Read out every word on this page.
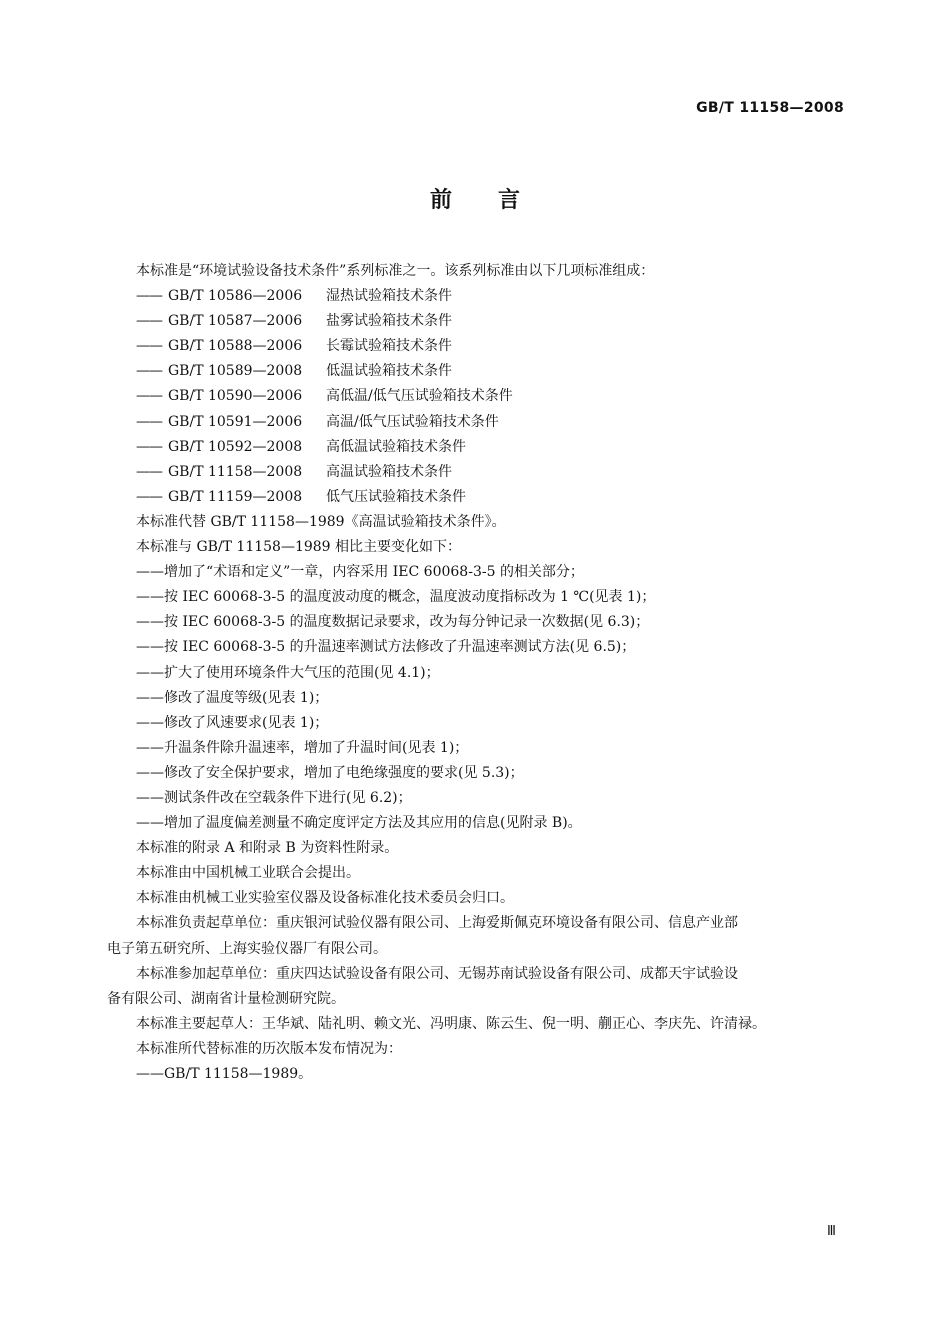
GB/T 11158—2008
前言
本标准是“环境试验设备技术条件”系列标准之一。该系列标准由以下几项标准组成：
—— GB/T 10586—2006 湿热试验箱技术条件
—— GB/T 10587—2006 盐雾试验箱技术条件
—— GB/T 10588—2006 长霉试验箱技术条件
—— GB/T 10589—2008 低温试验箱技术条件
—— GB/T 10590—2006 高低温/低气压试验箱技术条件
—— GB/T 10591—2006 高温/低气压试验箱技术条件
—— GB/T 10592—2008 高低温试验箱技术条件
—— GB/T 11158—2008 高温试验箱技术条件
—— GB/T 11159—2008 低气压试验箱技术条件
本标准代替 GB/T 11158—1989《高温试验箱技术条件》。
本标准与 GB/T 11158—1989 相比主要变化如下：
——增加了“术语和定义”一章，内容采用 IEC 60068-3-5 的相关部分；
——按 IEC 60068-3-5 的温度波动度的概念，温度波动度指标改为 1 ℃(见表 1)；
——按 IEC 60068-3-5 的温度数据记录要求，改为每分钟记录一次数据(见 6.3)；
——按 IEC 60068-3-5 的升温速率测试方法修改了升温速率测试方法(见 6.5)；
——扩大了使用环境条件大气压的范围(见 4.1)；
——修改了温度等级(见表 1)；
——修改了风速要求(见表 1)；
——升温条件除升温速率，增加了升温时间(见表 1)；
——修改了安全保护要求，增加了电绝缘强度的要求(见 5.3)；
——测试条件改在空载条件下进行(见 6.2)；
——增加了温度偏差测量不确定度评定方法及其应用的信息(见附录 B)。
本标准的附录 A 和附录 B 为资料性附录。
本标准由中国机械工业联合会提出。
本标准由机械工业实验室仪器及设备标准化技术委员会归口。
本标准负责起草单位：重庆银河试验仪器有限公司、上海爱斯佩克环境设备有限公司、信息产业部
电子第五研究所、上海实验仪器厂有限公司。
本标准参加起草单位：重庆四达试验设备有限公司、无锡苏南试验设备有限公司、成都天宇试验设
备有限公司、湖南省计量检测研究院。
本标准主要起草人：王华斌、陆礼明、赖文光、冯明康、陈云生、倪一明、蒯正心、李庆先、许清禄。
本标准所代替标准的历次版本发布情况为：
——GB/T 11158—1989。
Ⅲ
